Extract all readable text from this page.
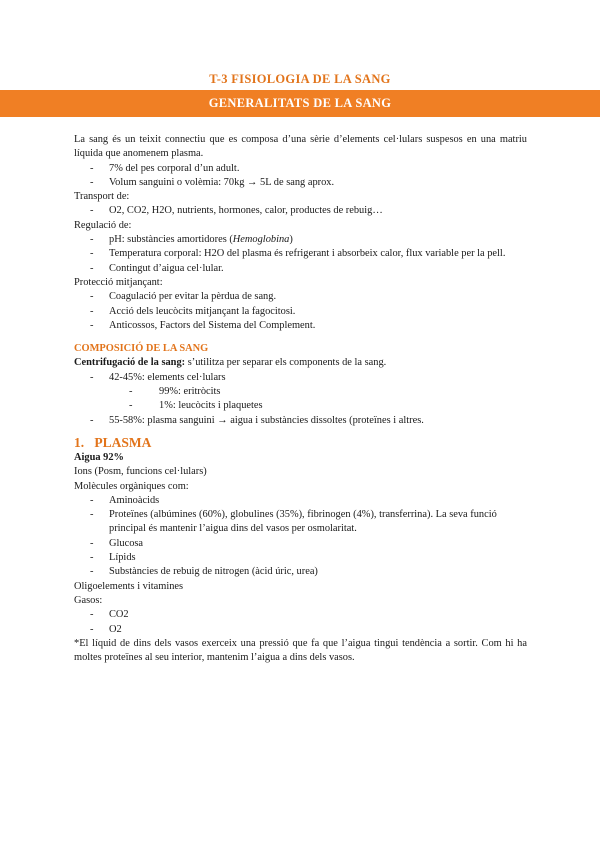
T-3 FISIOLOGIA DE LA SANG
GENERALITATS DE LA SANG

La sang és un teixit connectiu que es composa d’una sèrie d’elements cel·lulars suspesos en una matriu líquida que anomenem plasma.

- 7% del pes corporal d’un adult.
- Volum sanguini o volèmia: 70kg → 5L de sang aprox.

Transport de:

- O2, CO2, H2O, nutrients, hormones, calor, productes de rebuig…

Regulació de:

- pH: substàncies amortidores (Hemoglobina)
- Temperatura corporal: H2O del plasma és refrigerant i absorbeix calor, flux variable per la pell.
- Contingut d’aigua cel·lular.

Protecció mitjançant:

- Coagulació per evitar la pèrdua de sang.
- Acció dels leucòcits mitjançant la fagocitosi.
- Anticossos, Factors del Sistema del Complement.

COMPOSICIÓ DE LA SANG

Centrifugació de la sang: s’utilitza per separar els components de la sang.

- 42-45%: elements cel·lulars
- 99%: eritròcits
- 1%: leucòcits i plaquetes
- 55-58%: plasma sanguini → aigua i substàncies dissoltes (proteïnes i altres.

1. PLASMA

Aigua 92%

Ions (Posm, funcions cel·lulars)

Molècules orgàniques com:

- Aminoàcids
- Proteïnes (albúmines (60%), globulines (35%), fibrinogen (4%), transferrina). La seva funció principal és mantenir l’aigua dins del vasos per osmolaritat.
- Glucosa
- Lípids
- Substàncies de rebuig de nitrogen (àcid úric, urea)

Oligoelements i vitamines

Gasos:

- CO2
- O2

*El líquid de dins dels vasos exerceix una pressió que fa que l’aigua tingui tendència a sortir. Com hi ha moltes proteïnes al seu interior, mantenim l’aigua a dins dels vasos.
